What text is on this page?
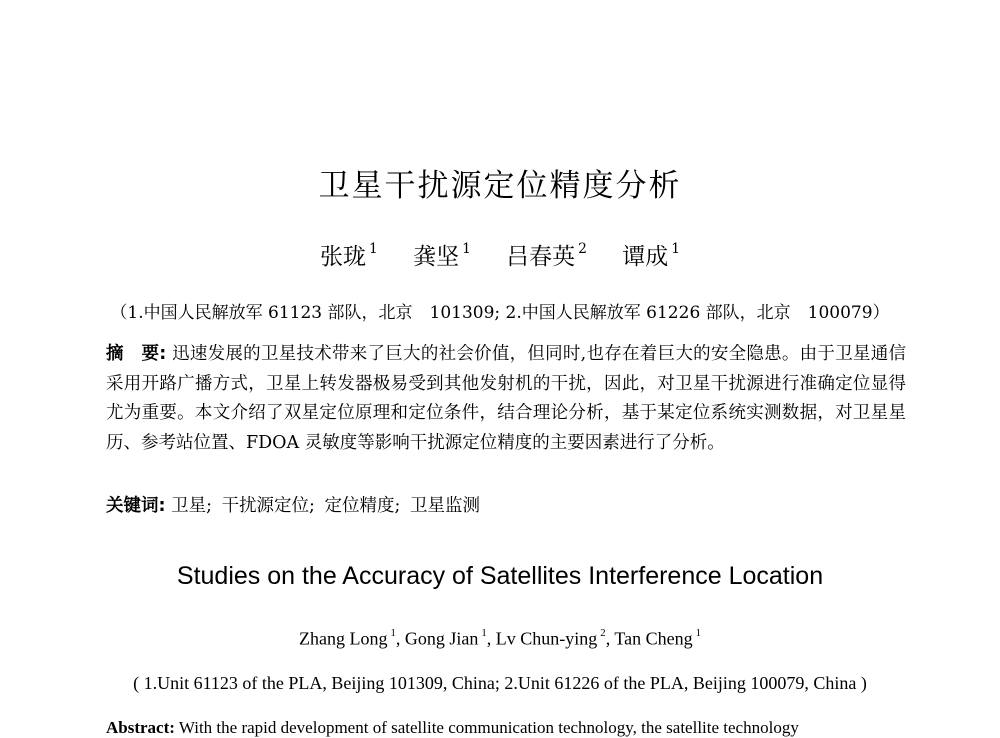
卫星干扰源定位精度分析
张珑 $^1$ 龚坚 $^1$ 吕春英 $^2$ 谭成 $^1$
（1.中国人民解放军 61123 部队，北京　101309; 2.中国人民解放军 61226 部队，北京　100079）
摘　要: 迅速发展的卫星技术带来了巨大的社会价值，但同时,也存在着巨大的安全隐患。由于卫星通信采用开路广播方式，卫星上转发器极易受到其他发射机的干扰，因此，对卫星干扰源进行准确定位显得尤为重要。本文介绍了双星定位原理和定位条件，结合理论分析，基于某定位系统实测数据，对卫星星历、参考站位置、FDOA 灵敏度等影响干扰源定位精度的主要因素进行了分析。
关键词: 卫星; 干扰源定位; 定位精度; 卫星监测
Studies on the Accuracy of Satellites Interference Location
Zhang Long $^1$, Gong Jian $^1$, Lv Chun-ying $^2$, Tan Cheng $^1$
( 1.Unit 61123 of the PLA, Beijing 101309, China; 2.Unit 61226 of the PLA, Beijing 100079, China )
Abstract: With the rapid development of satellite communication technology, the satellite technology
